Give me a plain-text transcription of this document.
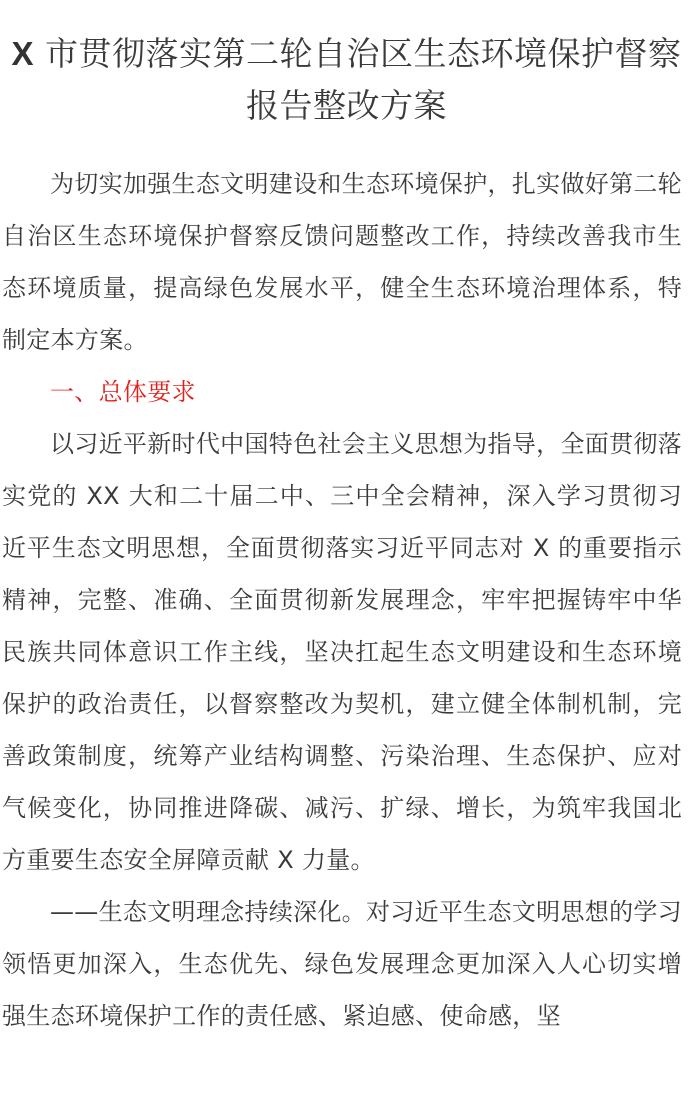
X 市贯彻落实第二轮自治区生态环境保护督察报告整改方案

为切实加强生态文明建设和生态环境保护，扎实做好第二轮自治区生态环境保护督察反馈问题整改工作，持续改善我市生态环境质量，提高绿色发展水平，健全生态环境治理体系，特制定本方案。

一、总体要求

以习近平新时代中国特色社会主义思想为指导，全面贯彻落实党的 XX 大和二十届二中、三中全会精神，深入学习贯彻习近平生态文明思想，全面贯彻落实习近平同志对 X 的重要指示精神，完整、准确、全面贯彻新发展理念，牢牢把握铸牢中华民族共同体意识工作主线，坚决扛起生态文明建设和生态环境保护的政治责任，以督察整改为契机，建立健全体制机制，完善政策制度，统筹产业结构调整、污染治理、生态保护、应对气候变化，协同推进降碳、减污、扩绿、增长，为筑牢我国北方重要生态安全屏障贡献 X 力量。

——生态文明理念持续深化。对习近平生态文明思想的学习领悟更加深入，生态优先、绿色发展理念更加深入人心切实增强生态环境保护工作的责任感、紧迫感、使命感，坚
